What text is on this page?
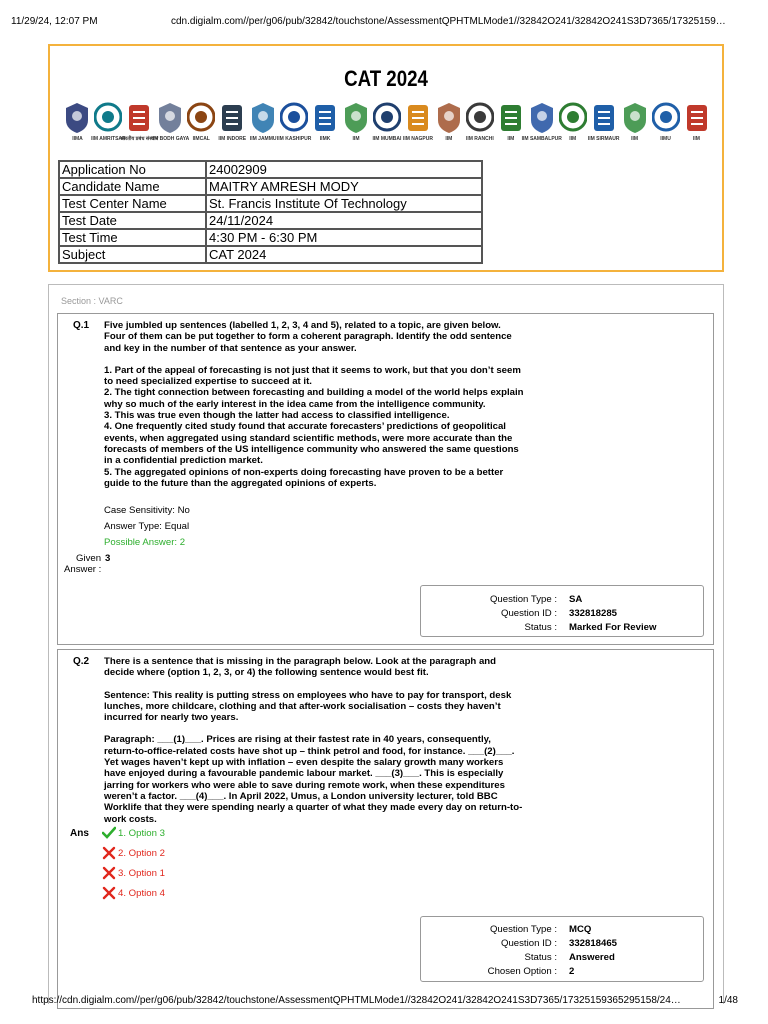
11/29/24, 12:07 PM	cdn.digialm.com//per/g06/pub/32842/touchstone/AssessmentQPHTMLMode1//32842O241/32842O241S3D7365/17325159…
CAT 2024
IIMA	IIM AMRITSAR
भारतीय प्रबंध संस्थान
IIM BODH GAYA IIMCAL	IIM INDORE IIM JAMMU IIM KASHIPUR	IIMK	IIM	IIM MUMBAI IIM NAGPUR	IIM	IIM RANCHI	IIM	IIM SAMBALPUR	IIM	IIM SIRMAUR	IIM	IIMU	IIM
Application No	24002909
Candidate Name	MAITRY AMRESH MODY
Test Center Name	St. Francis Institute Of Technology
Test Date	24/11/2024
Test Time	4:30 PM - 6:30 PM
Subject	CAT 2024
Section : VARC
Q.1 Five jumbled up sentences (labelled 1, 2, 3, 4 and 5), related to a topic, are given below. Four of them can be put together to form a coherent paragraph. Identify the odd sentence and key in the number of that sentence as your answer.

1. Part of the appeal of forecasting is not just that it seems to work, but that you don’t seem to need specialized expertise to succeed at it.

2. The tight connection between forecasting and building a model of the world helps explain why so much of the early interest in the idea came from the intelligence community.

3. This was true even though the latter had access to classified intelligence.

4. One frequently cited study found that accurate forecasters’ predictions of geopolitical events, when aggregated using standard scientific methods, were more accurate than the forecasts of members of the US intelligence community who answered the same questions in a confidential prediction market.

5. The aggregated opinions of non-experts doing forecasting have proven to be a better guide to the future than the aggregated opinions of experts.

Case Sensitivity: No
Answer Type: Equal
Possible Answer: 2
Given 3
Answer :
Question Type : SA
Question ID : 332818285
Status : Marked For Review
Q.2 There is a sentence that is missing in the paragraph below. Look at the paragraph and decide where (option 1, 2, 3, or 4) the following sentence would best fit.

Sentence: This reality is putting stress on employees who have to pay for transport, desk lunches, more childcare, clothing and that after-work socialisation – costs they haven’t incurred for nearly two years.

Paragraph: ___(1)___. Prices are rising at their fastest rate in 40 years, consequently, return-to-office-related costs have shot up – think petrol and food, for instance. ___(2)___. Yet wages haven’t kept up with inflation – even despite the salary growth many workers have enjoyed during a favourable pandemic labour market. ___(3)___. This is especially jarring for workers who were able to save during remote work, when these expenditures weren’t a factor. ___(4)___. In April 2022, Umus, a London university lecturer, told BBC Worklife that they were spending nearly a quarter of what they made every day on return-to-work costs.

Ans	1. Option 3
2. Option 2
3. Option 1
4. Option 4
Question Type : MCQ
Question ID : 332818465
Status : Answered
Chosen Option : 2
https://cdn.digialm.com//per/g06/pub/32842/touchstone/AssessmentQPHTMLMode1//32842O241/32842O241S3D7365/17325159365295158/24…	1/48
